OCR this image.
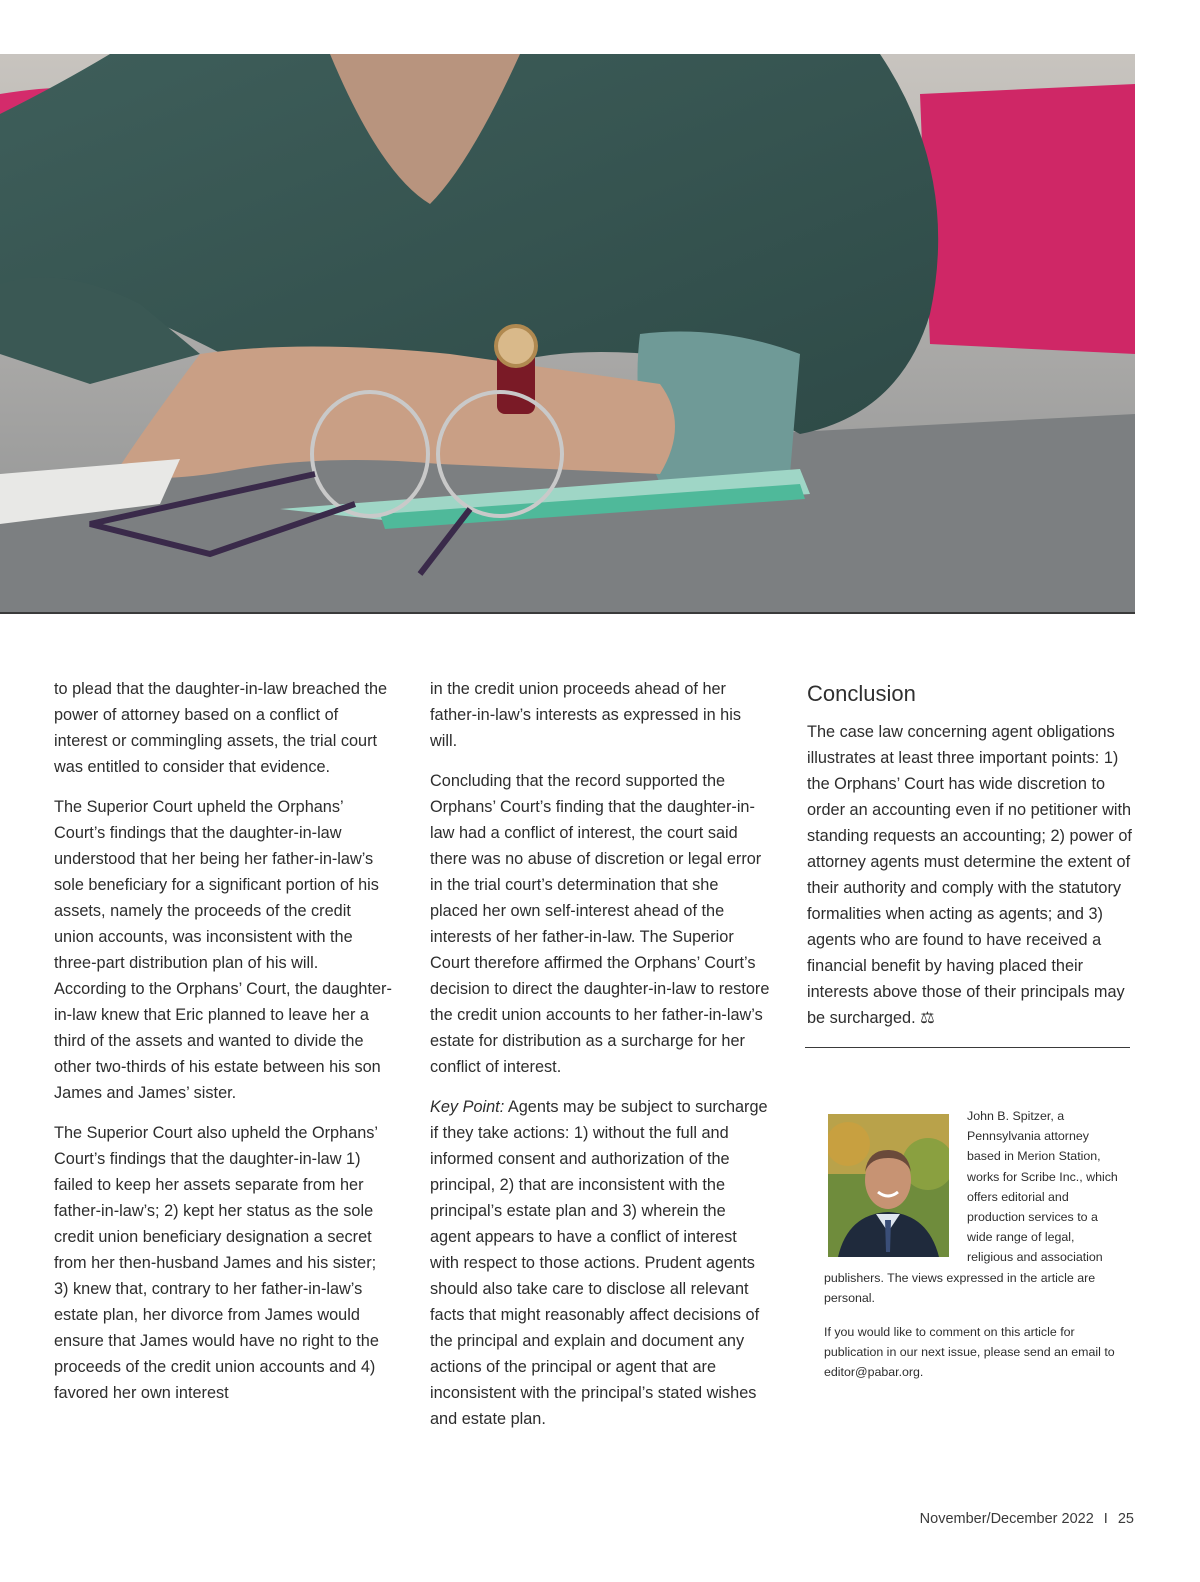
to plead that the daughter-in-law breached the power of attorney based on a conflict of interest or commingling assets, the trial court was entitled to consider that evidence.

The Superior Court upheld the Orphans’ Court’s findings that the daughter-in-law understood that her being her father-in-law’s sole beneficiary for a significant portion of his assets, namely the proceeds of the credit union accounts, was inconsistent with the three-part distribution plan of his will. According to the Orphans’ Court, the daughter-in-law knew that Eric planned to leave her a third of the assets and wanted to divide the other two-thirds of his estate between his son James and James’ sister.

The Superior Court also upheld the Orphans’ Court’s findings that the daughter-in-law 1) failed to keep her assets separate from her father-in-law’s; 2) kept her status as the sole credit union beneficiary designation a secret from her then-husband James and his sister; 3) knew that, contrary to her father-in-law’s estate plan, her divorce from James would ensure that James would have no right to the proceeds of the credit union accounts and 4) favored her own interest

in the credit union proceeds ahead of her father-in-law’s interests as expressed in his will.

Concluding that the record supported the Orphans’ Court’s finding that the daughter-in-law had a conflict of interest, the court said there was no abuse of discretion or legal error in the trial court’s determination that she placed her own self-interest ahead of the interests of her father-in-law. The Superior Court therefore affirmed the Orphans’ Court’s decision to direct the daughter-in-law to restore the credit union accounts to her father-in-law’s estate for distribution as a surcharge for her conflict of interest.

Key Point: Agents may be subject to surcharge if they take actions: 1) without the full and informed consent and authorization of the principal, 2) that are inconsistent with the principal’s estate plan and 3) wherein the agent appears to have a conflict of interest with respect to those actions. Prudent agents should also take care to disclose all relevant facts that might reasonably affect decisions of the principal and explain and document any actions of the principal or agent that are inconsistent with the principal’s stated wishes and estate plan.

Conclusion

The case law concerning agent obligations illustrates at least three important points: 1) the Orphans’ Court has wide discretion to order an accounting even if no petitioner with standing requests an accounting; 2) power of attorney agents must determine the extent of their authority and comply with the statutory formalities when acting as agents; and 3) agents who are found to have received a financial benefit by having placed their interests above those of their principals may be surcharged. ⚖

John B. Spitzer, a Pennsylvania attorney based in Merion Station, works for Scribe Inc., which offers editorial and production services to a wide range of legal, religious and association publishers. The views expressed in the article are personal.

If you would like to comment on this article for publication in our next issue, please send an email to editor@pabar.org.

November/December 2022 I 25
